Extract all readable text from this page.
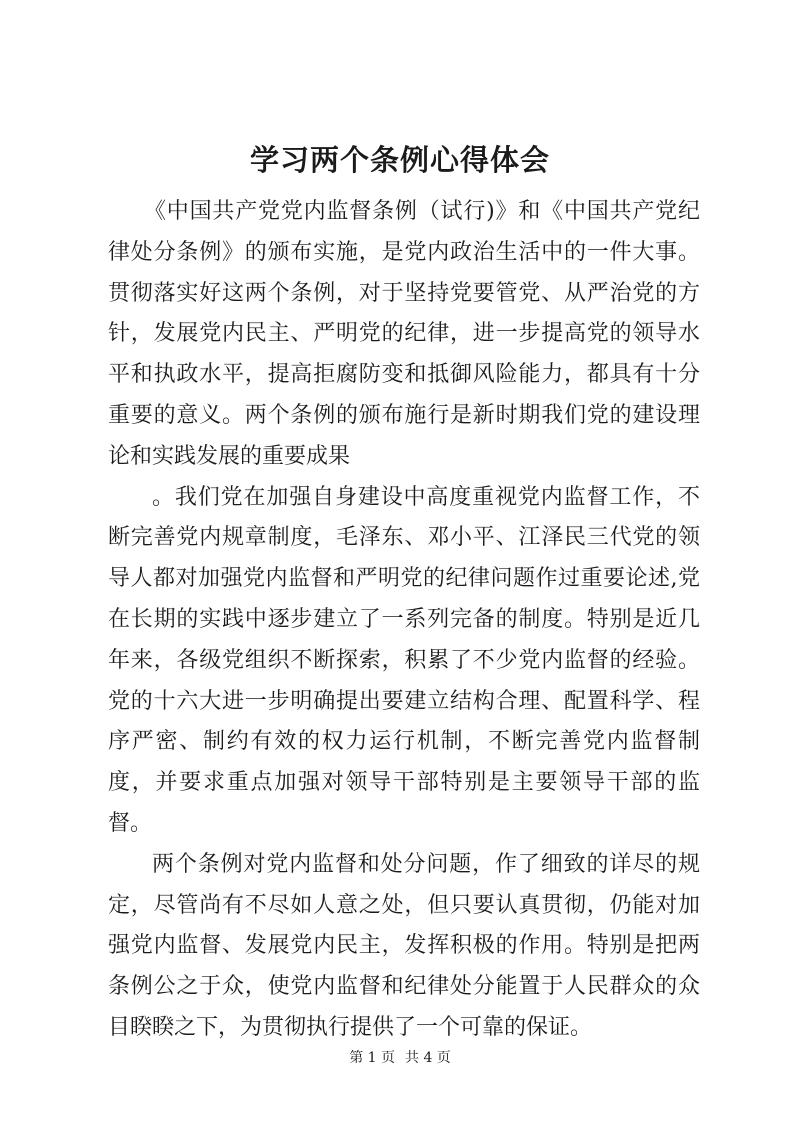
学习两个条例心得体会

《中国共产党党内监督条例（试行)》和《中国共产党纪律处分条例》的颁布实施，是党内政治生活中的一件大事。贯彻落实好这两个条例，对于坚持党要管党、从严治党的方针，发展党内民主、严明党的纪律，进一步提高党的领导水平和执政水平，提高拒腐防变和抵御风险能力，都具有十分重要的意义。两个条例的颁布施行是新时期我们党的建设理论和实践发展的重要成果

。我们党在加强自身建设中高度重视党内监督工作，不断完善党内规章制度，毛泽东、邓小平、江泽民三代党的领导人都对加强党内监督和严明党的纪律问题作过重要论述,党在长期的实践中逐步建立了一系列完备的制度。特别是近几年来，各级党组织不断探索，积累了不少党内监督的经验。党的十六大进一步明确提出要建立结构合理、配置科学、程序严密、制约有效的权力运行机制，不断完善党内监督制度，并要求重点加强对领导干部特别是主要领导干部的监督。

两个条例对党内监督和处分问题，作了细致的详尽的规定，尽管尚有不尽如人意之处，但只要认真贯彻，仍能对加强党内监督、发展党内民主，发挥积极的作用。特别是把两条例公之于众，使党内监督和纪律处分能置于人民群众的众目睽睽之下，为贯彻执行提供了一个可靠的保证。

第 1 页 共 4 页
